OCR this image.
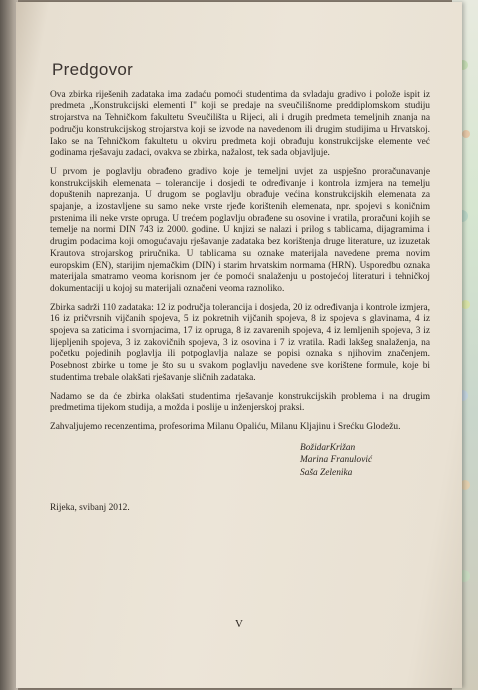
Predgovor

Ova zbirka riješenih zadataka ima zadaću pomoći studentima da svladaju gradivo i polože ispit iz predmeta „Konstrukcijski elementi I" koji se predaje na sveučilišnome preddiplomskom studiju strojarstva na Tehničkom fakultetu Sveučilišta u Rijeci, ali i drugih predmeta temeljnih znanja na području konstrukcijskog strojarstva koji se izvode na navedenom ili drugim studijima u Hrvatskoj. Iako se na Tehničkom fakultetu u okviru predmeta koji obrađuju konstrukcijske elemente već godinama rješavaju zadaci, ovakva se zbirka, nažalost, tek sada objavljuje.

U prvom je poglavlju obrađeno gradivo koje je temeljni uvjet za uspješno proračunavanje konstrukcijskih elemenata – tolerancije i dosjedi te određivanje i kontrola izmjera na temelju dopuštenih naprezanja. U drugom se poglavlju obrađuje većina konstrukcijskih elemenata za spajanje, a izostavljene su samo neke vrste rjeđe korištenih elemenata, npr. spojevi s koničnim prstenima ili neke vrste opruga. U trećem poglavlju obrađene su osovine i vratila, proračuni kojih se temelje na normi DIN 743 iz 2000. godine. U knjizi se nalazi i prilog s tablicama, dijagramima i drugim podacima koji omogućavaju rješavanje zadataka bez korištenja druge literature, uz izuzetak Krautova strojarskog priručnika. U tablicama su oznake materijala navedene prema novim europskim (EN), starijim njemačkim (DIN) i starim hrvatskim normama (HRN). Usporedbu oznaka materijala smatramo veoma korisnom jer će pomoći snalaženju u postojećoj literaturi i tehničkoj dokumentaciji u kojoj su materijali označeni veoma raznoliko.

Zbirka sadrži 110 zadataka: 12 iz područja tolerancija i dosjeda, 20 iz određivanja i kontrole izmjera, 16 iz pričvrsnih vijčanih spojeva, 5 iz pokretnih vijčanih spojeva, 8 iz spojeva s glavinama, 4 iz spojeva sa zaticima i svornjacima, 17 iz opruga, 8 iz zavarenih spojeva, 4 iz lemljenih spojeva, 3 iz lijepljenih spojeva, 3 iz zakovičnih spojeva, 3 iz osovina i 7 iz vratila. Radi lakšeg snalaženja, na početku pojedinih poglavlja ili potpoglavlja nalaze se popisi oznaka s njihovim značenjem. Posebnost zbirke u tome je što su u svakom poglavlju navedene sve korištene formule, koje bi studentima trebale olakšati rješavanje sličnih zadataka.

Nadamo se da će zbirka olakšati studentima rješavanje konstrukcijskih problema i na drugim predmetima tijekom studija, a možda i poslije u inženjerskoj praksi.

Zahvaljujemo recenzentima, profesorima Milanu Opaliću, Milanu Kljajinu i Srećku Glodežu.

BožidarKrižan
Marina Franulović
Saša Zelenika
Rijeka, svibanj 2012.
V
